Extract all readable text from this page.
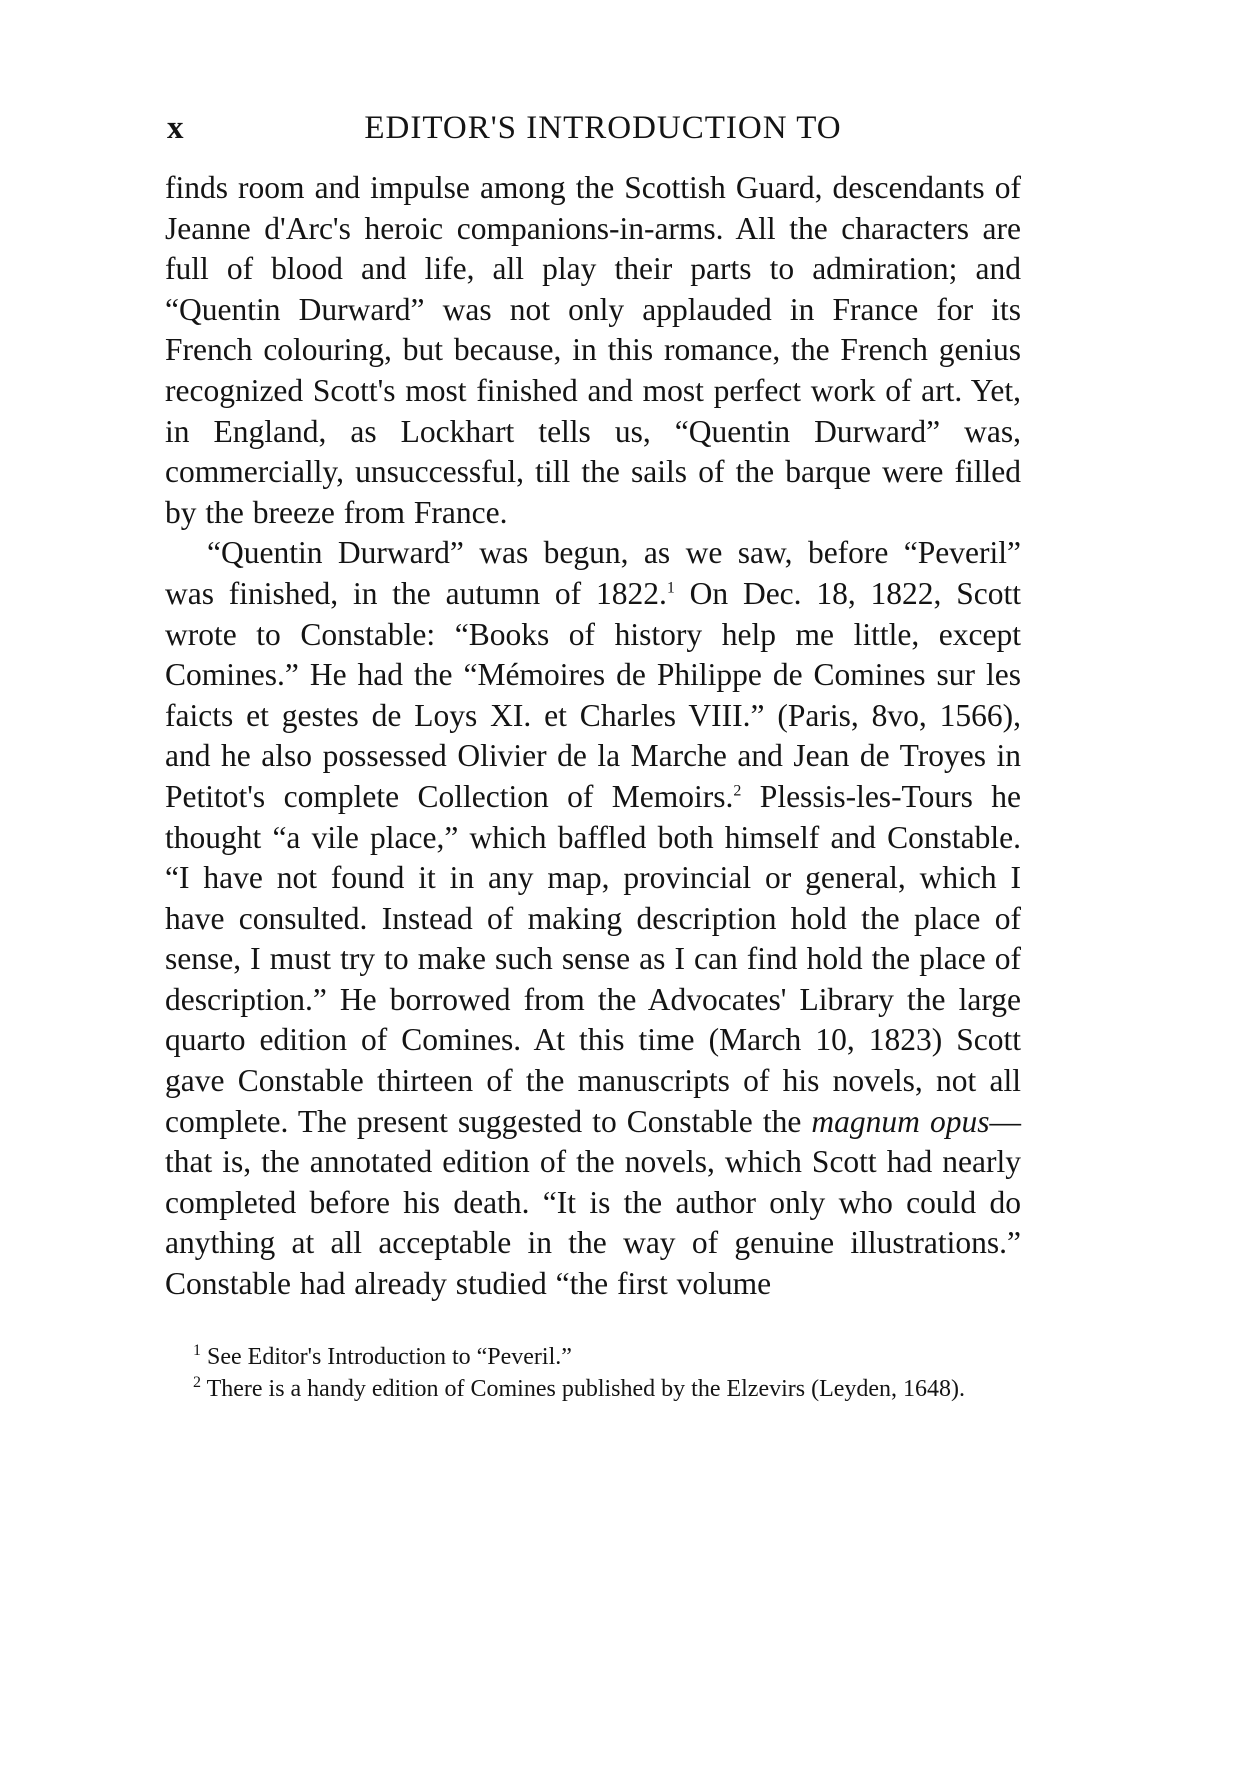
x	EDITOR'S INTRODUCTION TO

finds room and impulse among the Scottish Guard, descendants of Jeanne d'Arc's heroic companions-in-arms. All the characters are full of blood and life, all play their parts to admiration; and “Quentin Durward” was not only applauded in France for its French colouring, but because, in this romance, the French genius recognized Scott's most finished and most perfect work of art. Yet, in England, as Lockhart tells us, “Quentin Durward” was, commercially, unsuccessful, till the sails of the barque were filled by the breeze from France.

“Quentin Durward” was begun, as we saw, before “Peveril” was finished, in the autumn of 1822.$^1$ On Dec. 18, 1822, Scott wrote to Constable: “Books of history help me little, except Comines.” He had the “Mémoires de Philippe de Comines sur les faicts et gestes de Loys XI. et Charles VIII.” (Paris, 8vo, 1566), and he also possessed Olivier de la Marche and Jean de Troyes in Petitot's complete Collection of Memoirs.$^2$ Plessis-les-Tours he thought “a vile place,” which baffled both himself and Constable. “I have not found it in any map, provincial or general, which I have consulted. Instead of making description hold the place of sense, I must try to make such sense as I can find hold the place of description.” He borrowed from the Advocates' Library the large quarto edition of Comines. At this time (March 10, 1823) Scott gave Constable thirteen of the manuscripts of his novels, not all complete. The present suggested to Constable the magnum opus—that is, the annotated edition of the novels, which Scott had nearly completed before his death. “It is the author only who could do anything at all acceptable in the way of genuine illustrations.” Constable had already studied “the first volume

$^1$ See Editor's Introduction to “Peveril.”

$^2$ There is a handy edition of Comines published by the Elzevirs (Leyden, 1648).
